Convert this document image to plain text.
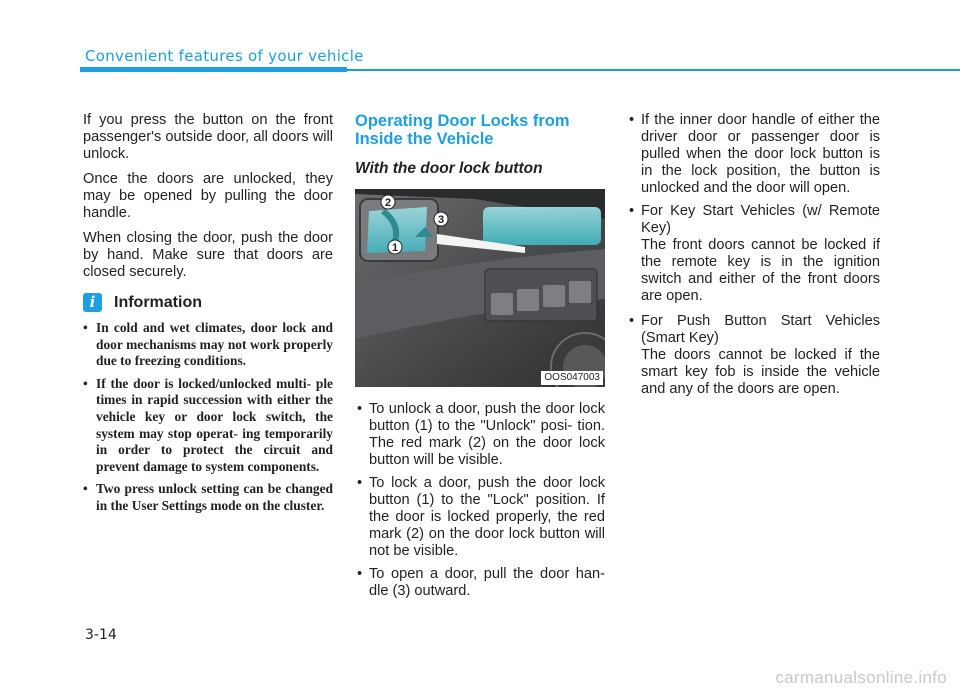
Convenient features of your vehicle

If you press the button on the front passenger's outside door, all doors will unlock.

Once the doors are unlocked, they may be opened by pulling the door handle.

When closing the door, push the door by hand. Make sure that doors are closed securely.

i	Information
• In cold and wet climates, door lock and door mechanisms may not work properly due to freezing conditions.
• If the door is locked/unlocked multi- ple times in rapid succession with either the vehicle key or door lock switch, the system may stop operat- ing temporarily in order to protect the circuit and prevent damage to system components.
• Two press unlock setting can be changed in the User Settings mode on the cluster.
Operating Door Locks from Inside the Vehicle
With the door lock button
2
3
1
OOS047003
• To unlock a door, push the door lock button (1) to the "Unlock" posi- tion. The red mark (2) on the door lock button will be visible.
• To lock a door, push the door lock button (1) to the "Lock" position. If the door is locked properly, the red mark (2) on the door lock button will not be visible.
• To open a door, pull the door han- dle (3) outward.
• If the inner door handle of either the driver door or passenger door is pulled when the door lock button is in the lock position, the button is unlocked and the door will open.
• For Key Start Vehicles (w/ Remote Key)

The front doors cannot be locked if the remote key is in the ignition switch and either of the front doors are open.

• For Push Button Start Vehicles (Smart Key)

The doors cannot be locked if the smart key fob is inside the vehicle and any of the doors are open.

3-14
carmanualsonline.info
